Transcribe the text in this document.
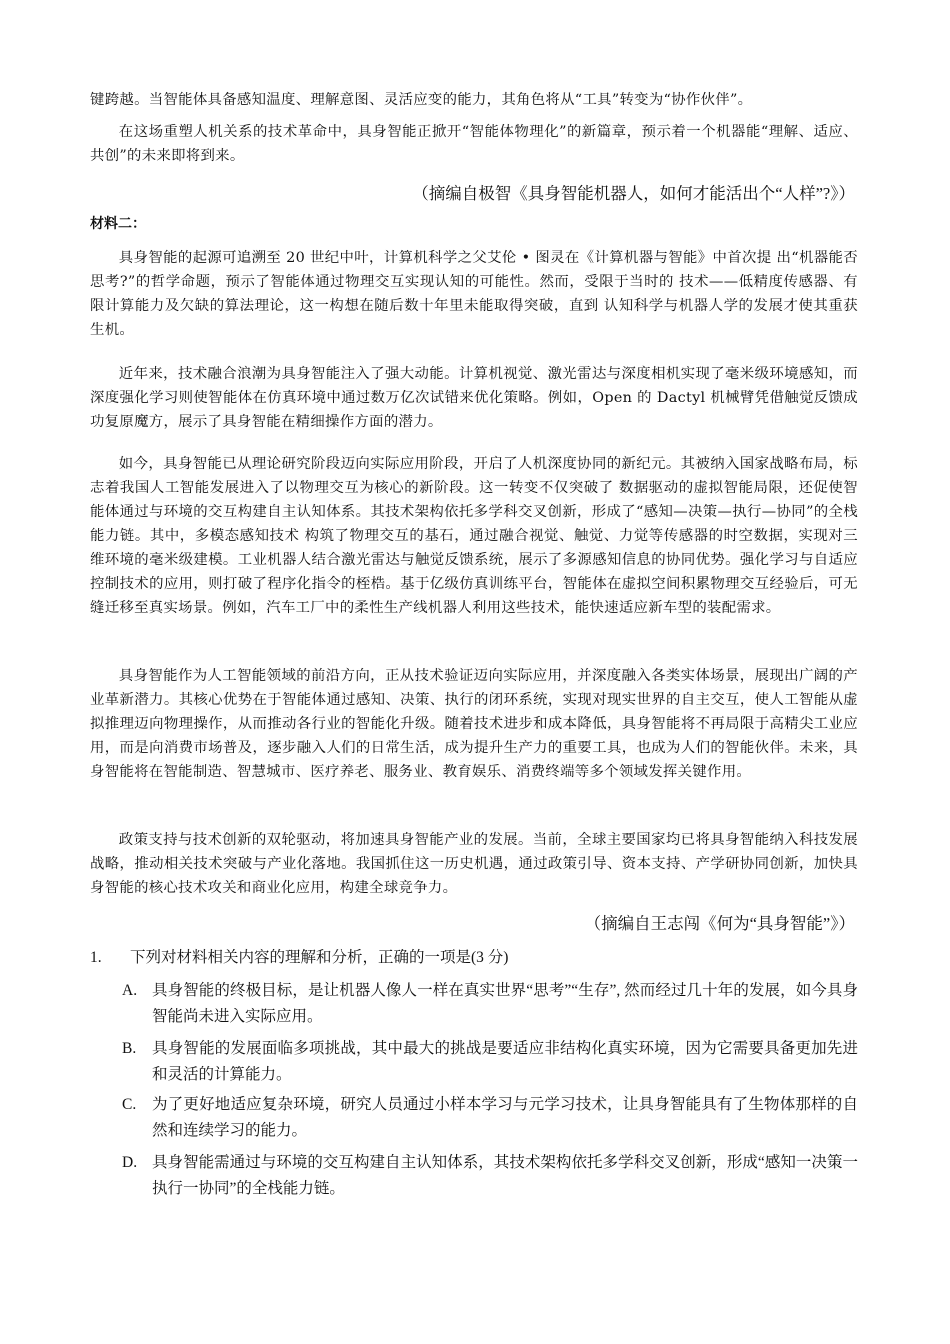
键跨越。当智能体具备感知温度、理解意图、灵活应变的能力，其角色将从“工具”转变为“协作伙伴”。

在这场重塑人机关系的技术革命中，具身智能正掀开“智能体物理化”的新篇章，预示着一个机器能“理解、适应、共创”的未来即将到来。

（摘编自极智《具身智能机器人，如何才能活出个“人样”?》）
材料二：

具身智能的起源可追溯至 20 世纪中叶，计算机科学之父艾伦 • 图灵在《计算机器与智能》中首次提 出“机器能否思考?”的哲学命题，预示了智能体通过物理交互实现认知的可能性。然而，受限于当时的 技术——低精度传感器、有限计算能力及欠缺的算法理论，这一构想在随后数十年里未能取得突破，直到 认知科学与机器人学的发展才使其重获生机。

近年来，技术融合浪潮为具身智能注入了强大动能。计算机视觉、激光雷达与深度相机实现了毫米级环境感知，而深度强化学习则使智能体在仿真环境中通过数万亿次试错来优化策略。例如，Open 的 Dactyl 机械臂凭借触觉反馈成功复原魔方，展示了具身智能在精细操作方面的潜力。

如今，具身智能已从理论研究阶段迈向实际应用阶段，开启了人机深度协同的新纪元。其被纳入国家战略布局，标志着我国人工智能发展进入了以物理交互为核心的新阶段。这一转变不仅突破了 数据驱动的虚拟智能局限，还促使智能体通过与环境的交互构建自主认知体系。其技术架构依托多学科交叉创新，形成了“感知—决策—执行—协同”的全栈能力链。其中，多模态感知技术 构筑了物理交互的基石，通过融合视觉、触觉、力觉等传感器的时空数据，实现对三维环境的毫米级建模。工业机器人结合激光雷达与触觉反馈系统，展示了多源感知信息的协同优势。强化学习与自适应控制技术的应用，则打破了程序化指令的桎梏。基于亿级仿真训练平台，智能体在虚拟空间积累物理交互经验后，可无缝迁移至真实场景。例如，汽车工厂中的柔性生产线机器人利用这些技术，能快速适应新车型的装配需求。

具身智能作为人工智能领域的前沿方向，正从技术验证迈向实际应用，并深度融入各类实体场景，展现出广阔的产业革新潜力。其核心优势在于智能体通过感知、决策、执行的闭环系统，实现对现实世界的自主交互，使人工智能从虚拟推理迈向物理操作，从而推动各行业的智能化升级。随着技术进步和成本降低，具身智能将不再局限于高精尖工业应用，而是向消费市场普及，逐步融入人们的日常生活，成为提升生产力的重要工具，也成为人们的智能伙伴。未来，具身智能将在智能制造、智慧城市、医疗养老、服务业、教育娱乐、消费终端等多个领域发挥关键作用。

政策支持与技术创新的双轮驱动，将加速具身智能产业的发展。当前，全球主要国家均已将具身智能纳入科技发展战略，推动相关技术突破与产业化落地。我国抓住这一历史机遇，通过政策引导、资本支持、产学研协同创新，加快具身智能的核心技术攻关和商业化应用，构建全球竞争力。

（摘编自王志闯《何为“具身智能”》）
1. 下列对材料相关内容的理解和分析，正确的一项是(3 分)
A. 具身智能的终极目标，是让机器人像人一样在真实世界“思考”“生存”, 然而经过几十年的发展，如今具身智能尚未进入实际应用。
B. 具身智能的发展面临多项挑战，其中最大的挑战是要适应非结构化真实环境，因为它需要具备更加先进和灵活的计算能力。
C. 为了更好地适应复杂环境，研究人员通过小样本学习与元学习技术，让具身智能具有了生物体那样的自然和连续学习的能力。
D. 具身智能需通过与环境的交互构建自主认知体系，其技术架构依托多学科交叉创新，形成“感知一决策一执行一协同”的全栈能力链。
